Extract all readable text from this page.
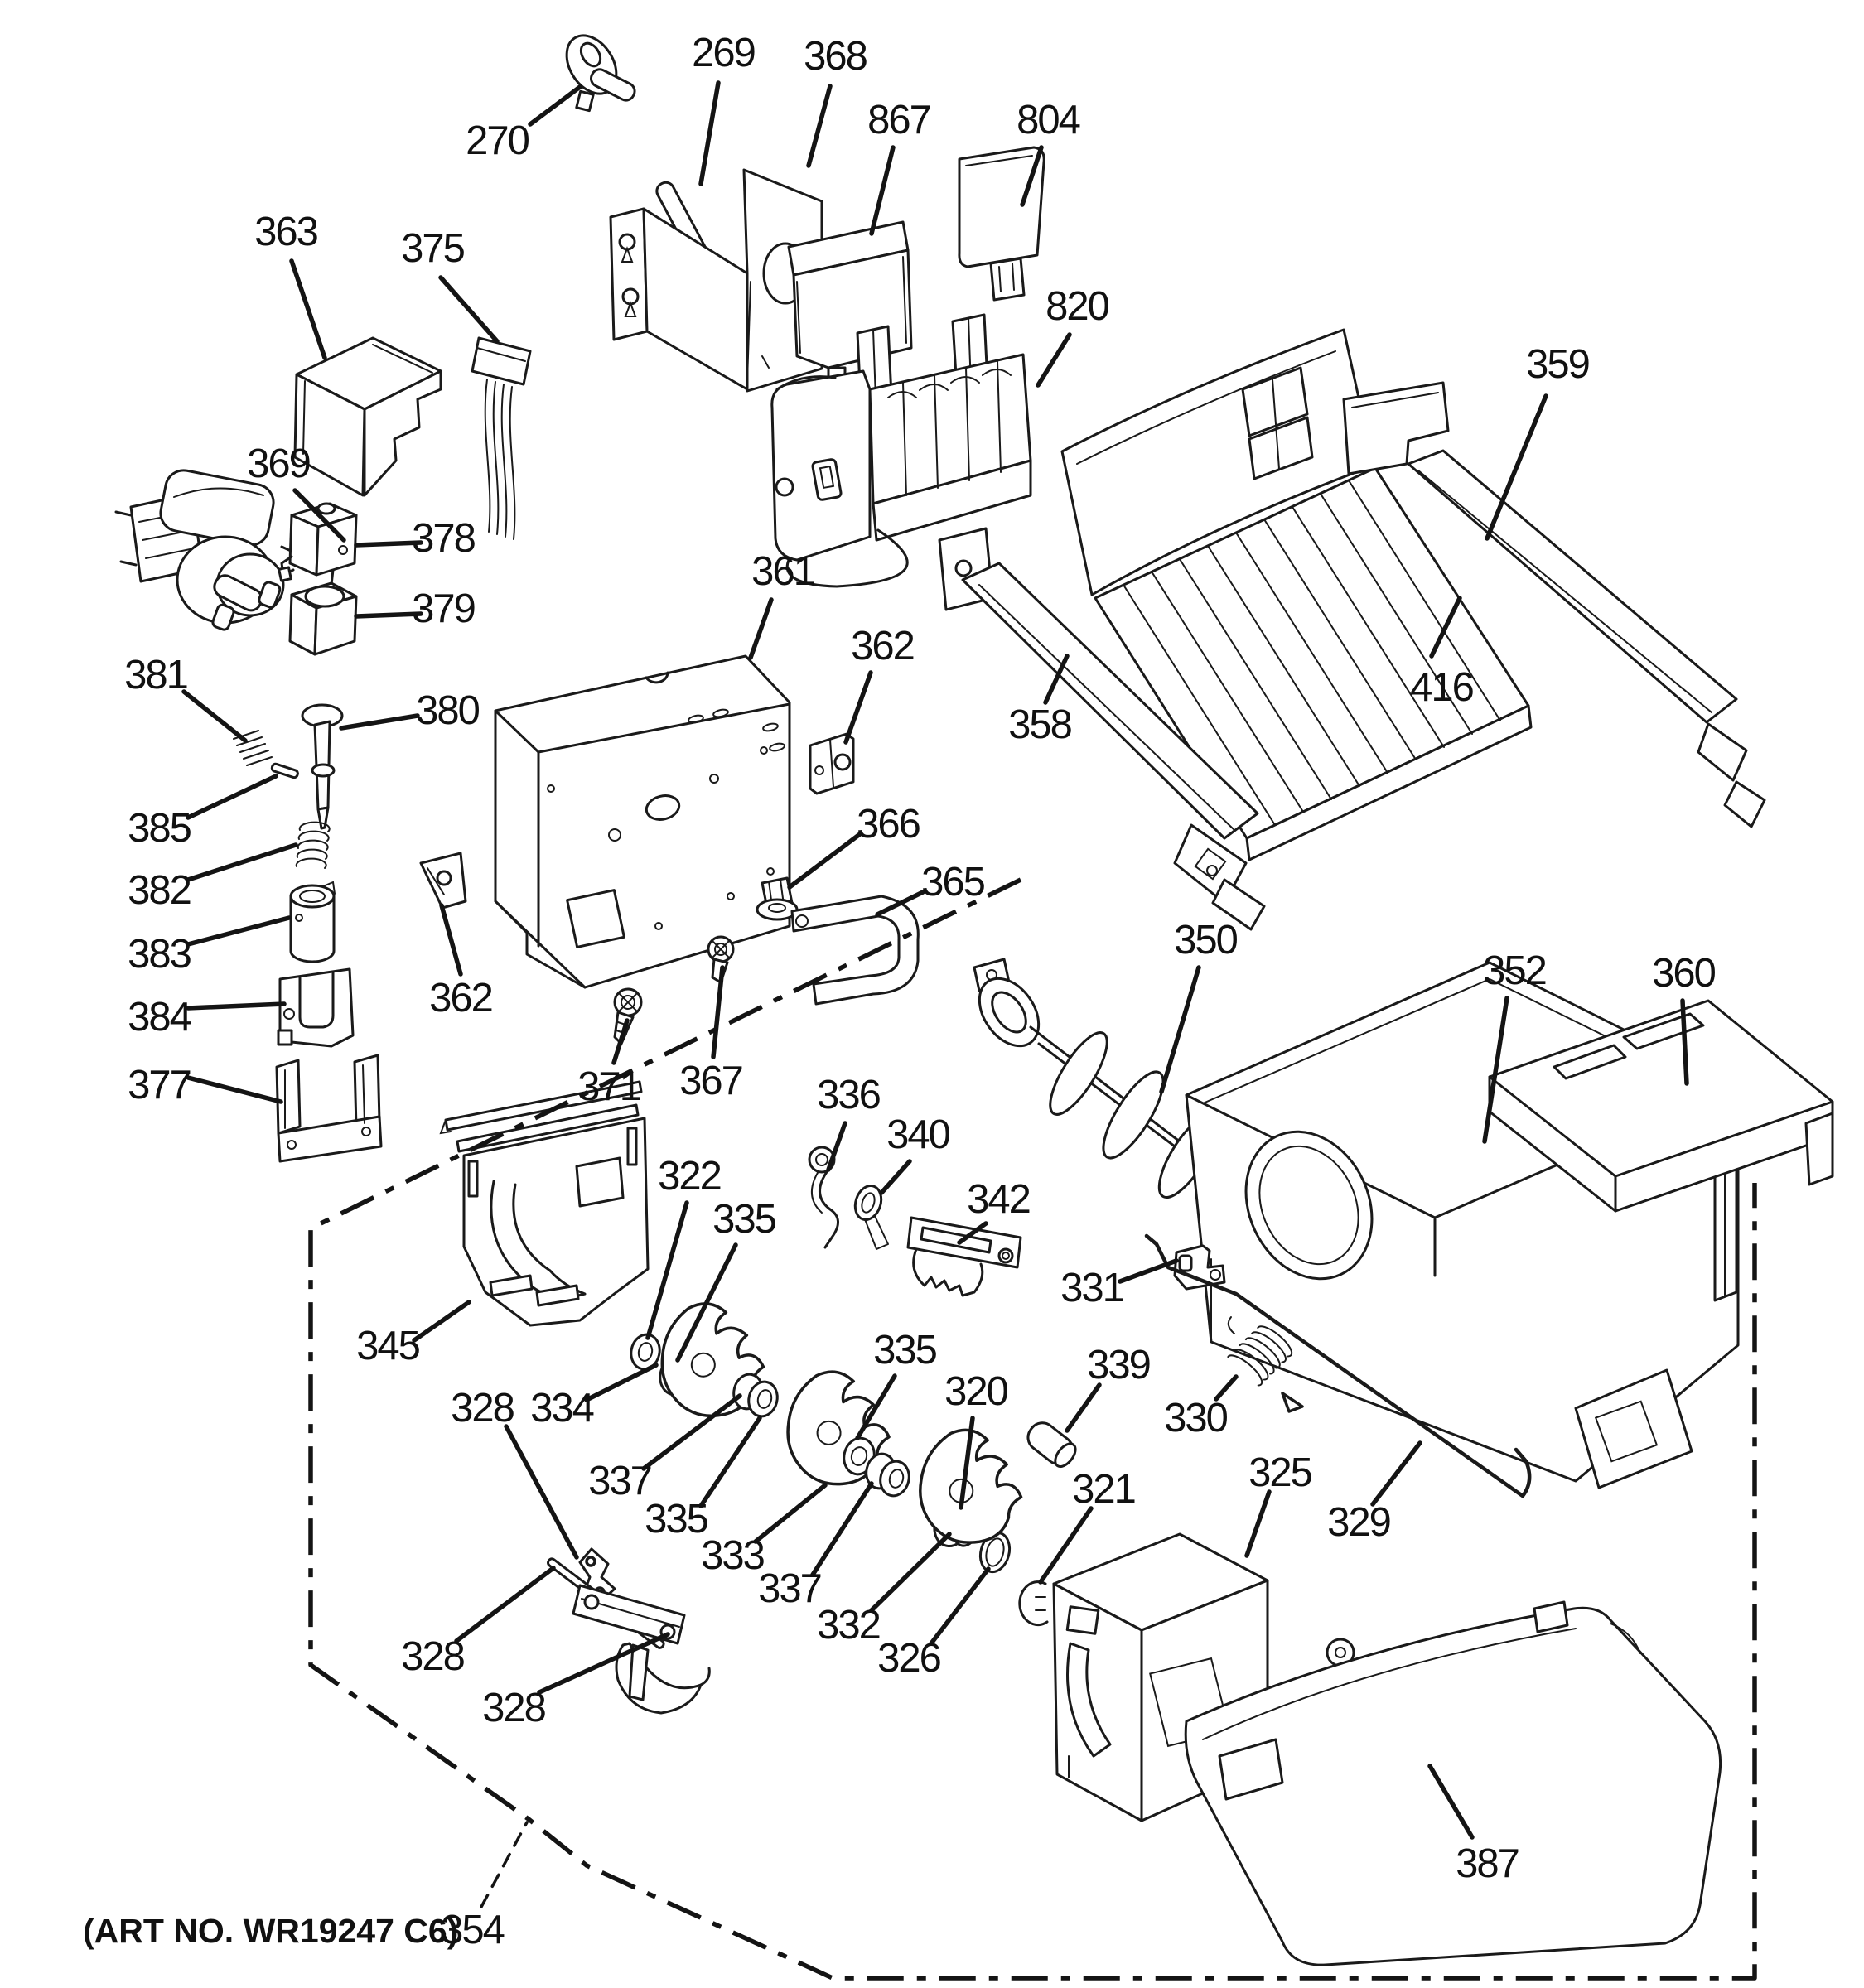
270
269 368
867 804
363 375
369
820
359
378
379
361
362
381
380
385
382
383
384
377
362
371 367
366
365
358
416
350
352	360
331
336
340
342
322
335
345
334
337
335
333
335
320
337
332
326
339
330
321	325
329
328
328
328
354
387
(ART NO. WR19247 C6)
